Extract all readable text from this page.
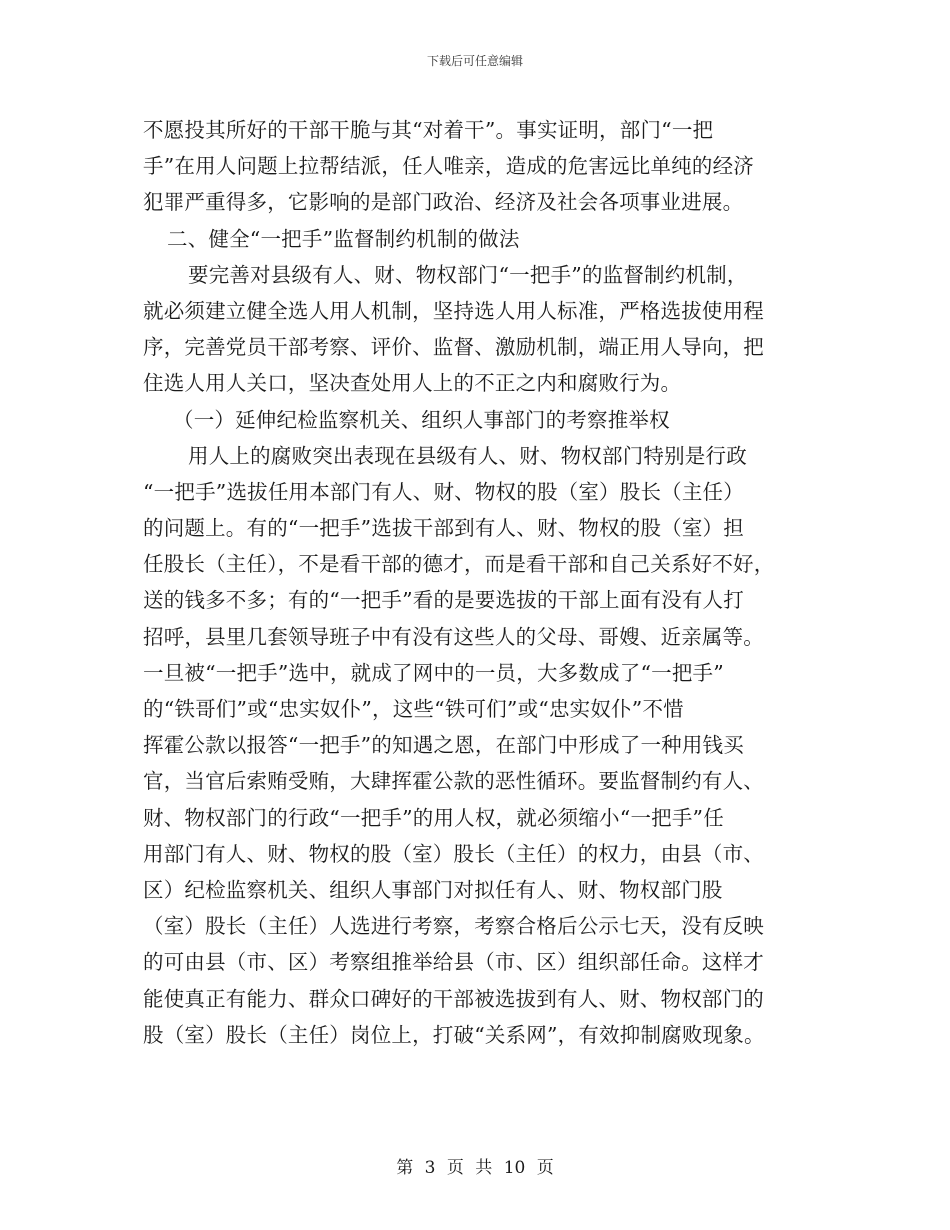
下载后可任意编辑
不愿投其所好的干部干脆与其“对着干”。事实证明，部门“一把
手”在用人问题上拉帮结派，任人唯亲，造成的危害远比单纯的经济
犯罪严重得多，它影响的是部门政治、经济及社会各项事业进展。
二、健全“一把手”监督制约机制的做法
要完善对县级有人、财、物权部门“一把手”的监督制约机制，
就必须建立健全选人用人机制，坚持选人用人标准，严格选拔使用程
序，完善党员干部考察、评价、监督、激励机制，端正用人导向，把
住选人用人关口，坚决查处用人上的不正之内和腐败行为。
（一）延伸纪检监察机关、组织人事部门的考察推举权
用人上的腐败突出表现在县级有人、财、物权部门特别是行政
“一把手”选拔任用本部门有人、财、物权的股（室）股长（主任）
的问题上。有的“一把手”选拔干部到有人、财、物权的股（室）担
任股长（主任），不是看干部的德才，而是看干部和自己关系好不好，
送的钱多不多；有的“一把手”看的是要选拔的干部上面有没有人打
招呼，县里几套领导班子中有没有这些人的父母、哥嫂、近亲属等。
一旦被“一把手”选中，就成了网中的一员，大多数成了“一把手”
的“铁哥们”或“忠实奴仆”，这些“铁可们”或“忠实奴仆”不惜
挥霍公款以报答“一把手”的知遇之恩，在部门中形成了一种用钱买
官，当官后索贿受贿，大肆挥霍公款的恶性循环。要监督制约有人、
财、物权部门的行政“一把手”的用人权，就必须缩小“一把手”任
用部门有人、财、物权的股（室）股长（主任）的权力，由县（市、
区）纪检监察机关、组织人事部门对拟任有人、财、物权部门股
（室）股长（主任）人选进行考察，考察合格后公示七天，没有反映
的可由县（市、区）考察组推举给县（市、区）组织部任命。这样才
能使真正有能力、群众口碑好的干部被选拔到有人、财、物权部门的
股（室）股长（主任）岗位上，打破“关系网”，有效抑制腐败现象。
第 3 页 共 10 页
